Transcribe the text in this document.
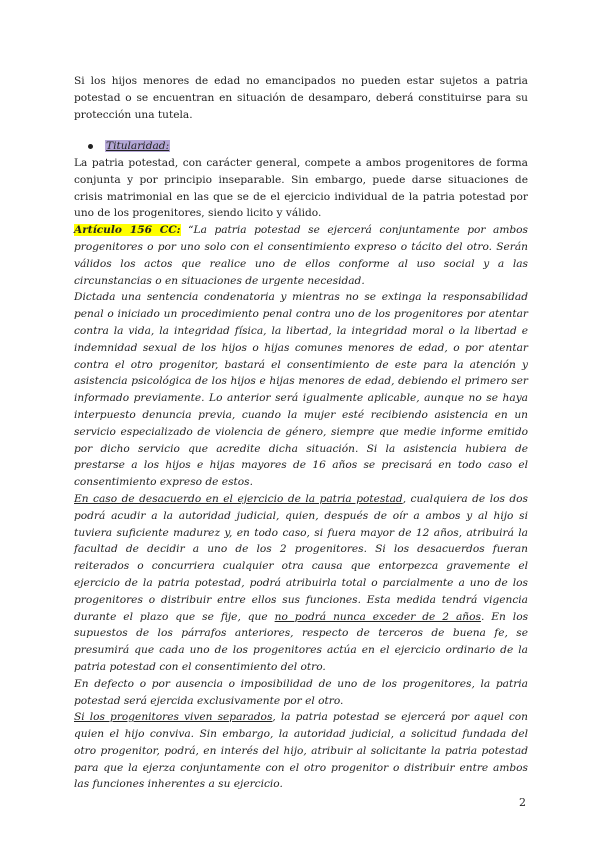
Si los hijos menores de edad no emancipados no pueden estar sujetos a patria potestad o se encuentran en situación de desamparo, deberá constituirse para su protección una tutela.

Titularidad:

La patria potestad, con carácter general, compete a ambos progenitores de forma conjunta y por principio inseparable. Sin embargo, puede darse situaciones de crisis matrimonial en las que se de el ejercicio individual de la patria potestad por uno de los progenitores, siendo licito y válido.

Artículo 156 CC: “La patria potestad se ejercerá conjuntamente por ambos progenitores o por uno solo con el consentimiento expreso o tácito del otro. Serán válidos los actos que realice uno de ellos conforme al uso social y a las circunstancias o en situaciones de urgente necesidad.

Dictada una sentencia condenatoria y mientras no se extinga la responsabilidad penal o iniciado un procedimiento penal contra uno de los progenitores por atentar contra la vida, la integridad física, la libertad, la integridad moral o la libertad e indemnidad sexual de los hijos o hijas comunes menores de edad, o por atentar contra el otro progenitor, bastará el consentimiento de este para la atención y asistencia psicológica de los hijos e hijas menores de edad, debiendo el primero ser informado previamente. Lo anterior será igualmente aplicable, aunque no se haya interpuesto denuncia previa, cuando la mujer esté recibiendo asistencia en un servicio especializado de violencia de género, siempre que medie informe emitido por dicho servicio que acredite dicha situación. Si la asistencia hubiera de prestarse a los hijos e hijas mayores de 16 años se precisará en todo caso el consentimiento expreso de estos.

En caso de desacuerdo en el ejercicio de la patria potestad, cualquiera de los dos podrá acudir a la autoridad judicial, quien, después de oír a ambos y al hijo si tuviera suficiente madurez y, en todo caso, si fuera mayor de 12 años, atribuirá la facultad de decidir a uno de los 2 progenitores. Si los desacuerdos fueran reiterados o concurriera cualquier otra causa que entorpezca gravemente el ejercicio de la patria potestad, podrá atribuirla total o parcialmente a uno de los progenitores o distribuir entre ellos sus funciones. Esta medida tendrá vigencia durante el plazo que se fije, que no podrá nunca exceder de 2 años. En los supuestos de los párrafos anteriores, respecto de terceros de buena fe, se presumirá que cada uno de los progenitores actúa en el ejercicio ordinario de la patria potestad con el consentimiento del otro.

En defecto o por ausencia o imposibilidad de uno de los progenitores, la patria potestad será ejercida exclusivamente por el otro.

Si los progenitores viven separados, la patria potestad se ejercerá por aquel con quien el hijo conviva. Sin embargo, la autoridad judicial, a solicitud fundada del otro progenitor, podrá, en interés del hijo, atribuir al solicitante la patria potestad para que la ejerza conjuntamente con el otro progenitor o distribuir entre ambos las funciones inherentes a su ejercicio.

2
